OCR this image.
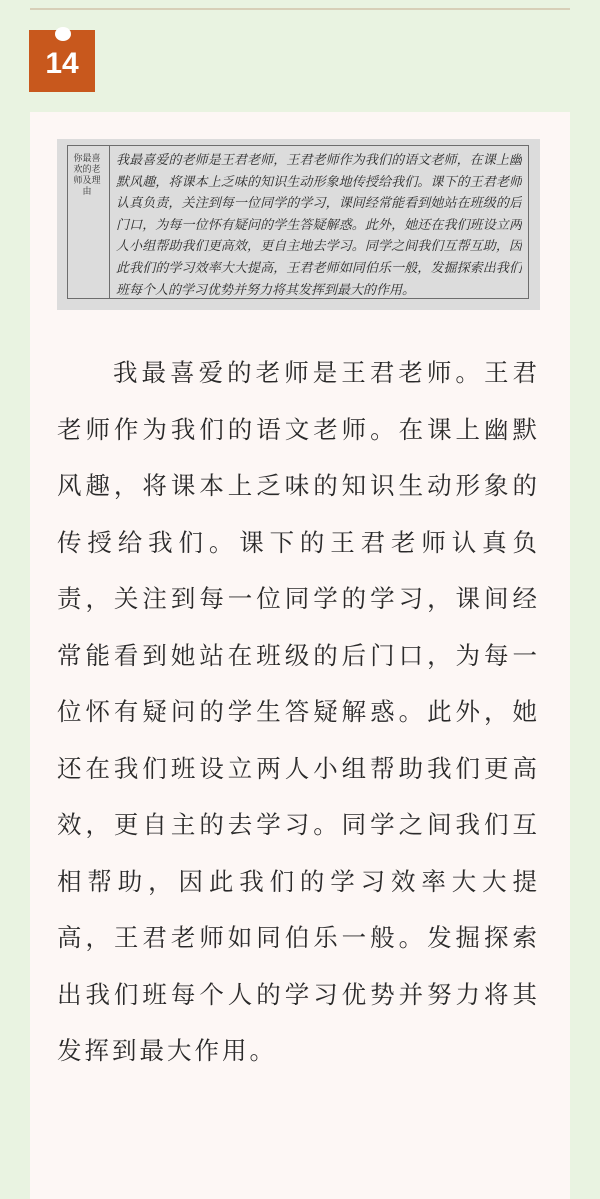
14
你最喜欢的老师及理由
我最喜爱的老师是王君老师，王君老师作为我们的语文老师，在课上幽默风趣，将课本上乏味的知识生动形象地传授给我们。课下的王君老师认真负责，关注到每一位同学的学习，课间经常能看到她站在班级的后门口，为每一位怀有疑问的学生答疑解惑。此外，她还在我们班设立两人小组帮助我们更高效，更自主地去学习。同学之间我们互帮互助，因此我们的学习效率大大提高，王君老师如同伯乐一般，发掘探索出我们班每个人的学习优势并努力将其发挥到最大的作用。

我最喜爱的老师是王君老师。王君老师作为我们的语文老师。在课上幽默风趣，将课本上乏味的知识生动形象的传授给我们。课下的王君老师认真负责，关注到每一位同学的学习，课间经常能看到她站在班级的后门口，为每一位怀有疑问的学生答疑解惑。此外，她还在我们班设立两人小组帮助我们更高效，更自主的去学习。同学之间我们互相帮助，因此我们的学习效率大大提高，王君老师如同伯乐一般。发掘探索出我们班每个人的学习优势并努力将其发挥到最大作用。
